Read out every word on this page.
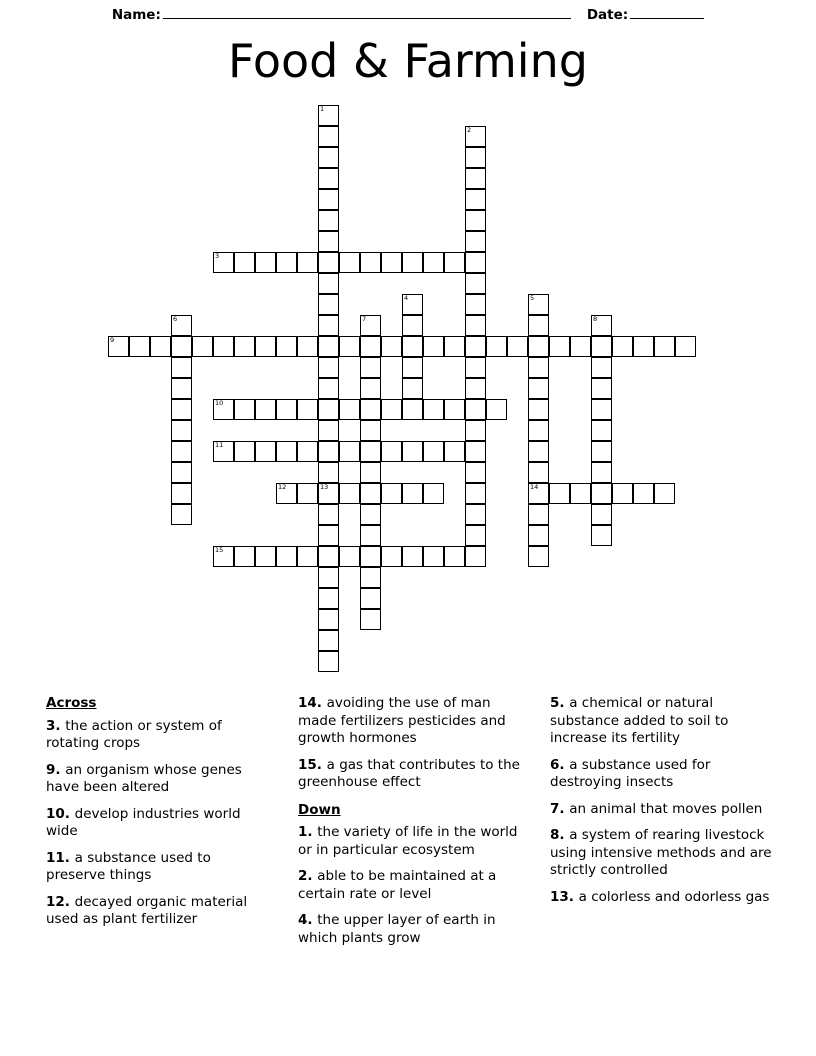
Name:	Date:
Food & Farming
1
13
2
3
4	5
14
6	7	8
9
10
11
12
15
Across
3. the action or system of rotating crops
9. an organism whose genes have been altered
10. develop industries world wide
11. a substance used to preserve things
12. decayed organic material used as plant fertilizer
14. avoiding the use of man made fertilizers pesticides and growth hormones
15. a gas that contributes to the greenhouse effect
Down
1. the variety of life in the world or in particular ecosystem
2. able to be maintained at a certain rate or level
4. the upper layer of earth in which plants grow
5. a chemical or natural substance added to soil to increase its fertility
6. a substance used for destroying insects
7. an animal that moves pollen
8. a system of rearing livestock using intensive methods and are strictly controlled
13. a colorless and odorless gas
